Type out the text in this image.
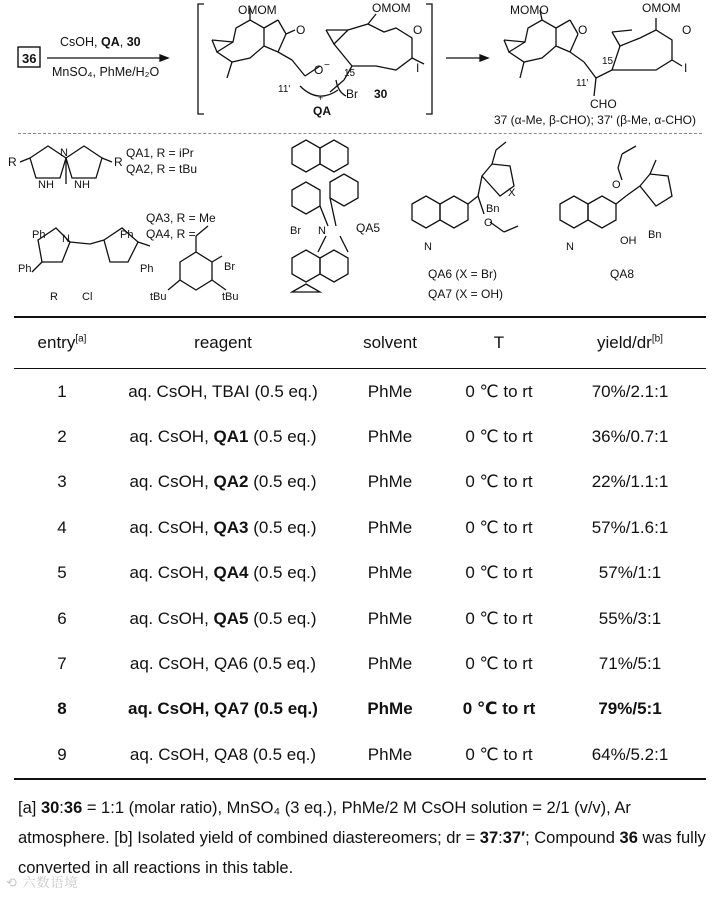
36
CsOH, QA, 30
MnSO₄, PhMe/H₂O
OMOM	OMOM
O	O
O −
11'
15
Br 30
QA
+
I
MOMO	OMOM
O	O
15
11'
CHO
I
37 (α-Me, β-CHO); 37' (β-Me, α-CHO)
QA1, R = iPr
QA2, R = tBu
R	R
NH NH
N
Ph
Ph
Ph
Ph
N
R Cl
QA3, R = Me
QA4, R =
Br
tBu	tBu
QA5
Br N
N
Bn
X
O
QA6 (X = Br)
QA7 (X = OH)
N
O
OH Bn
QA8
entry[a]	reagent	solvent	T	yield/dr[b]
1	aq. CsOH, TBAI (0.5 eq.)	PhMe	0 ℃ to rt	70%/2.1:1
2	aq. CsOH, QA1 (0.5 eq.)	PhMe	0 ℃ to rt	36%/0.7:1
3	aq. CsOH, QA2 (0.5 eq.)	PhMe	0 ℃ to rt	22%/1.1:1
4	aq. CsOH, QA3 (0.5 eq.)	PhMe	0 ℃ to rt	57%/1.6:1
5	aq. CsOH, QA4 (0.5 eq.)	PhMe	0 ℃ to rt	57%/1:1
6	aq. CsOH, QA5 (0.5 eq.)	PhMe	0 ℃ to rt	55%/3:1
7	aq. CsOH, QA6 (0.5 eq.)	PhMe	0 ℃ to rt	71%/5:1
8	aq. CsOH, QA7 (0.5 eq.)	PhMe	0 ℃ to rt	79%/5:1
9	aq. CsOH, QA8 (0.5 eq.)	PhMe	0 ℃ to rt	64%/5.2:1
[a] 30:36 = 1:1 (molar ratio), MnSO₄ (3 eq.), PhMe/2 M CsOH solution = 2/1 (v/v), Ar atmosphere. [b] Isolated yield of combined diastereomers; dr = 37:37′; Compound 36 was fully converted in all reactions in this table.
⟲ 六数语境
